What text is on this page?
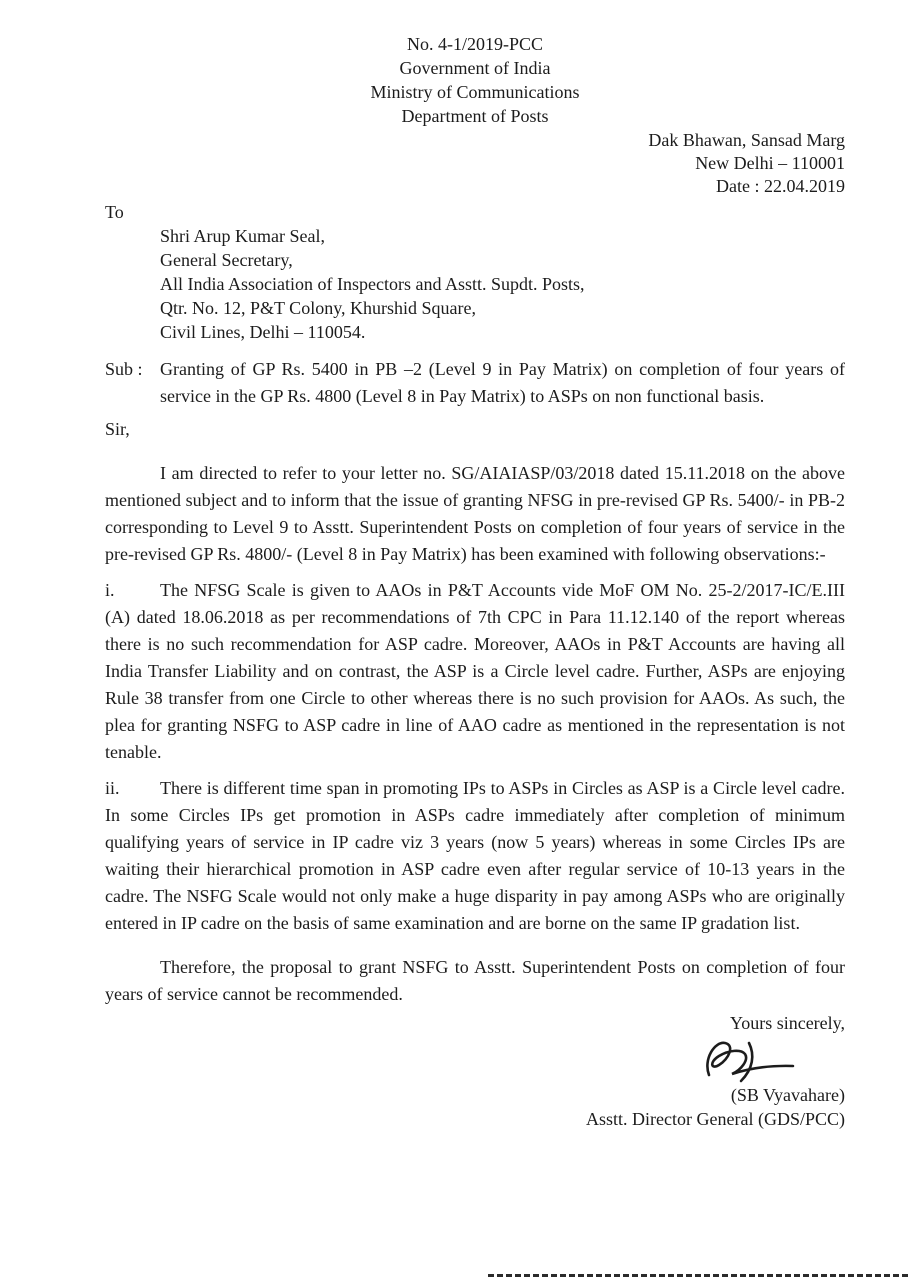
No. 4-1/2019-PCC
Government of India
Ministry of Communications
Department of Posts
Dak Bhawan, Sansad Marg
New Delhi – 110001
Date : 22.04.2019
To
Shri Arup Kumar Seal,
General Secretary,
All India Association of Inspectors and Asstt. Supdt. Posts,
Qtr. No. 12, P&T Colony, Khurshid Square,
Civil Lines, Delhi – 110054.
Sub : Granting of GP Rs. 5400 in PB –2 (Level 9 in Pay Matrix) on completion of four years of service in the GP Rs. 4800 (Level 8 in Pay Matrix) to ASPs on non functional basis.
Sir,

I am directed to refer to your letter no. SG/AIAIASP/03/2018 dated 15.11.2018 on the above mentioned subject and to inform that the issue of granting NFSG in pre-revised GP Rs. 5400/- in PB-2 corresponding to Level 9 to Asstt. Superintendent Posts on completion of four years of service in the pre-revised GP Rs. 4800/- (Level 8 in Pay Matrix) has been examined with following observations:-

i.	The NFSG Scale is given to AAOs in P&T Accounts vide MoF OM No. 25-2/2017-IC/E.III (A) dated 18.06.2018 as per recommendations of 7th CPC in Para 11.12.140 of the report whereas there is no such recommendation for ASP cadre. Moreover, AAOs in P&T Accounts are having all India Transfer Liability and on contrast, the ASP is a Circle level cadre. Further, ASPs are enjoying Rule 38 transfer from one Circle to other whereas there is no such provision for AAOs. As such, the plea for granting NSFG to ASP cadre in line of AAO cadre as mentioned in the representation is not tenable.

ii. There is different time span in promoting IPs to ASPs in Circles as ASP is a Circle level cadre. In some Circles IPs get promotion in ASPs cadre immediately after completion of minimum qualifying years of service in IP cadre viz 3 years (now 5 years) whereas in some Circles IPs are waiting their hierarchical promotion in ASP cadre even after regular service of 10-13 years in the cadre. The NSFG Scale would not only make a huge disparity in pay among ASPs who are originally entered in IP cadre on the basis of same examination and are borne on the same IP gradation list.

Therefore, the proposal to grant NSFG to Asstt. Superintendent Posts on completion of four years of service cannot be recommended.

Yours sincerely,
(SB Vyavahare)
Asstt. Director General (GDS/PCC)
